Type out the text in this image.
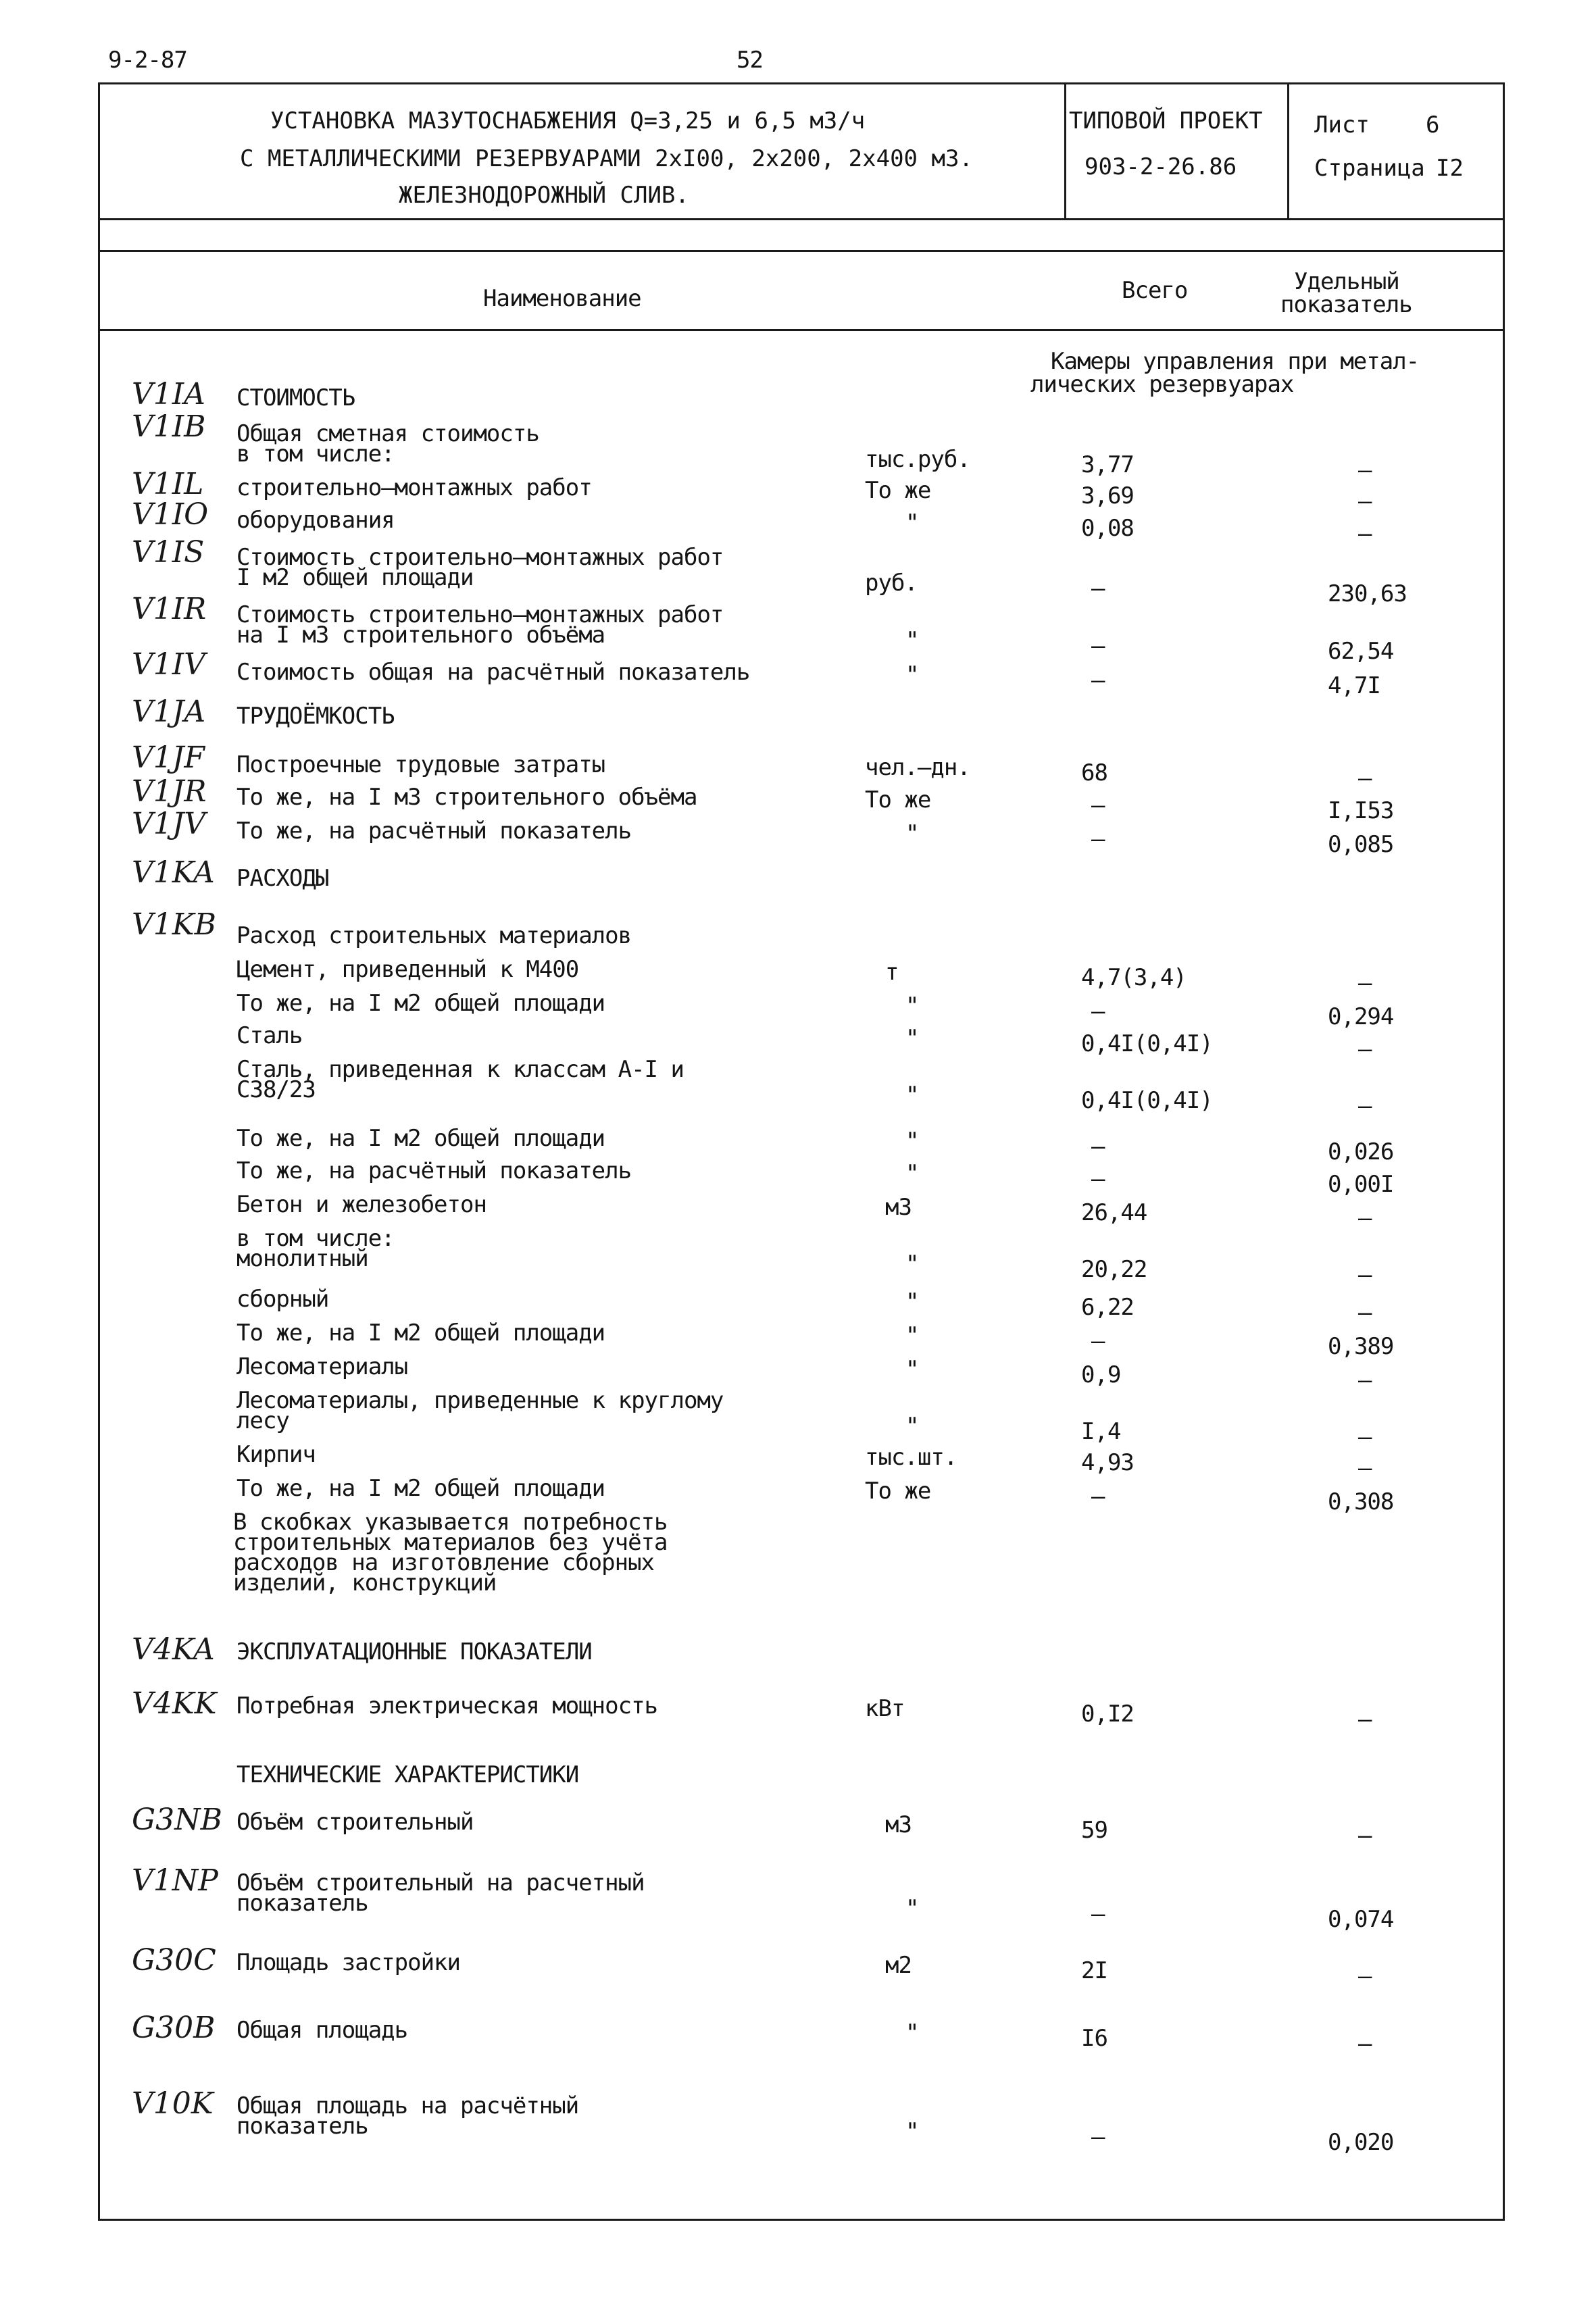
9-2-87	52
УСТАНОВКА МАЗУТОСНАБЖЕНИЯ Q=3,25 и 6,5 м3/ч
С МЕТАЛЛИЧЕСКИМИ РЕЗЕРВУАРАМИ 2хI00, 2х200, 2х400 м3.
ЖЕЛЕЗНОДОРОЖНЫЙ СЛИВ.
ТИПОВОЙ ПРОЕКТ
903-2-26.86
Лист 6
Страница I2
Наименование	Всего	Удельный
показатель
Камеры управления при метал-
лических резервуарах
V1IA СТОИМОСТЬ
V1IB Общая сметная стоимость
в том числе:	тыс.руб.	3,77	–
V1IL строительно–монтажных работ	То же	3,69	–
V1IO оборудования	"	0,08	–
V1IS Стоимость строительно–монтажных работ
I м2 общей площади	руб.	–	230,63
V1IR Стоимость строительно–монтажных работ
на I м3 строительного объёма	"	–	62,54
V1IV Стоимость общая на расчётный показатель	"	–	4,7I
V1JA ТРУДОЁМКОСТЬ
V1JF Построечные трудовые затраты	чел.–дн.	68	–
V1JR То же, на I м3 строительного объёма	То же	–	I,I53
V1JV То же, на расчётный показатель	"	–	0,085
V1KA РАСХОДЫ
V1KB Расход строительных материалов
Цемент, приведенный к М400	т	4,7(3,4)	–
То же, на I м2 общей площади	"	–	0,294
Сталь	"	0,4I(0,4I)	–
Сталь, приведенная к классам А-I и
С38/23	"	0,4I(0,4I)	–
То же, на I м2 общей площади	"	–	0,026
То же, на расчётный показатель	"	–	0,00I
Бетон и железобетон	м3	26,44	–
в том числе:
монолитный	"	20,22	–
сборный	"	6,22	–
То же, на I м2 общей площади	"	–	0,389
Лесоматериалы	"	0,9	–
Лесоматериалы, приведенные к круглому
лесу	"	I,4	–
Кирпич	тыс.шт.	4,93	–
То же, на I м2 общей площади	То же	–	0,308
V4KA ЭКСПЛУАТАЦИОННЫЕ ПОКАЗАТЕЛИ
V4KK Потребная электрическая мощность	кВт	0,I2	–
ТЕХНИЧЕСКИЕ ХАРАКТЕРИСТИКИ
G3NB Объём строительный	м3	59	–
V1NP Объём строительный на расчетный
показатель	"	–	0,074
G30C Площадь застройки	м2	2I	–
G30B Общая площадь	"	I6	–
V10K Общая площадь на расчётный
показатель	"	–	0,020
В скобках указывается потребность
строительных материалов без учёта
расходов на изготовление сборных
изделий, конструкций
